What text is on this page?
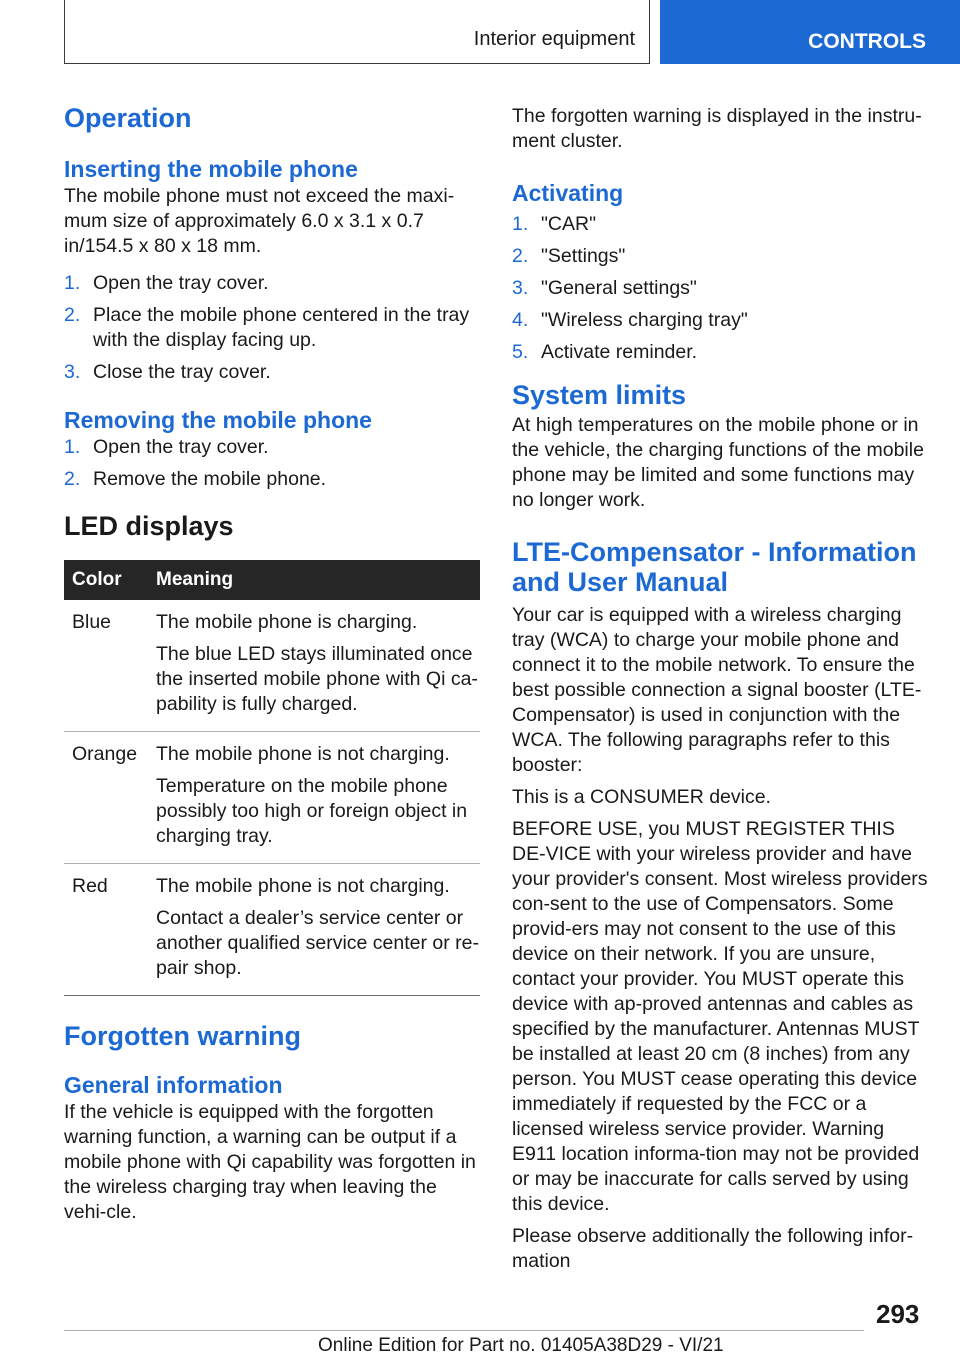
Interior equipment	CONTROLS
Operation
Inserting the mobile phone

The mobile phone must not exceed the maxi-mum size of approximately 6.0 x 3.1 x 0.7 in/154.5 x 80 x 18 mm.

1. Open the tray cover.
2. Place the mobile phone centered in the tray with the display facing up.
3. Close the tray cover.
Removing the mobile phone
1. Open the tray cover.
2. Remove the mobile phone.
LED displays
Color	Meaning
Blue	The mobile phone is charging.
The blue LED stays illuminated once the inserted mobile phone with Qi ca-pability is fully charged.

Orange	The mobile phone is not charging.
Temperature on the mobile phone possibly too high or foreign object in charging tray.

Red	The mobile phone is not charging.
Contact a dealer’s service center or another qualified service center or re-pair shop.
Forgotten warning
General information

If the vehicle is equipped with the forgotten warning function, a warning can be output if a mobile phone with Qi capability was forgotten in the wireless charging tray when leaving the vehi-cle.

The forgotten warning is displayed in the instru-ment cluster.

Activating
1. "CAR"
2. "Settings"
3. "General settings"
4. "Wireless charging tray"
5. Activate reminder.
System limits

At high temperatures on the mobile phone or in the vehicle, the charging functions of the mobile phone may be limited and some functions may no longer work.

LTE-Compensator - Information and User Manual

Your car is equipped with a wireless charging tray (WCA) to charge your mobile phone and connect it to the mobile network. To ensure the best possible connection a signal booster (LTE-Compensator) is used in conjunction with the WCA. The following paragraphs refer to this booster:

This is a CONSUMER device.

BEFORE USE, you MUST REGISTER THIS DE-VICE with your wireless provider and have your provider's consent. Most wireless providers con-sent to the use of Compensators. Some provid-ers may not consent to the use of this device on their network. If you are unsure, contact your provider. You MUST operate this device with ap-proved antennas and cables as specified by the manufacturer. Antennas MUST be installed at least 20 cm (8 inches) from any person. You MUST cease operating this device immediately if requested by the FCC or a licensed wireless service provider. Warning E911 location informa-tion may not be provided or may be inaccurate for calls served by using this device.

Please observe additionally the following infor-mation

293
Online Edition for Part no. 01405A38D29 - VI/21
